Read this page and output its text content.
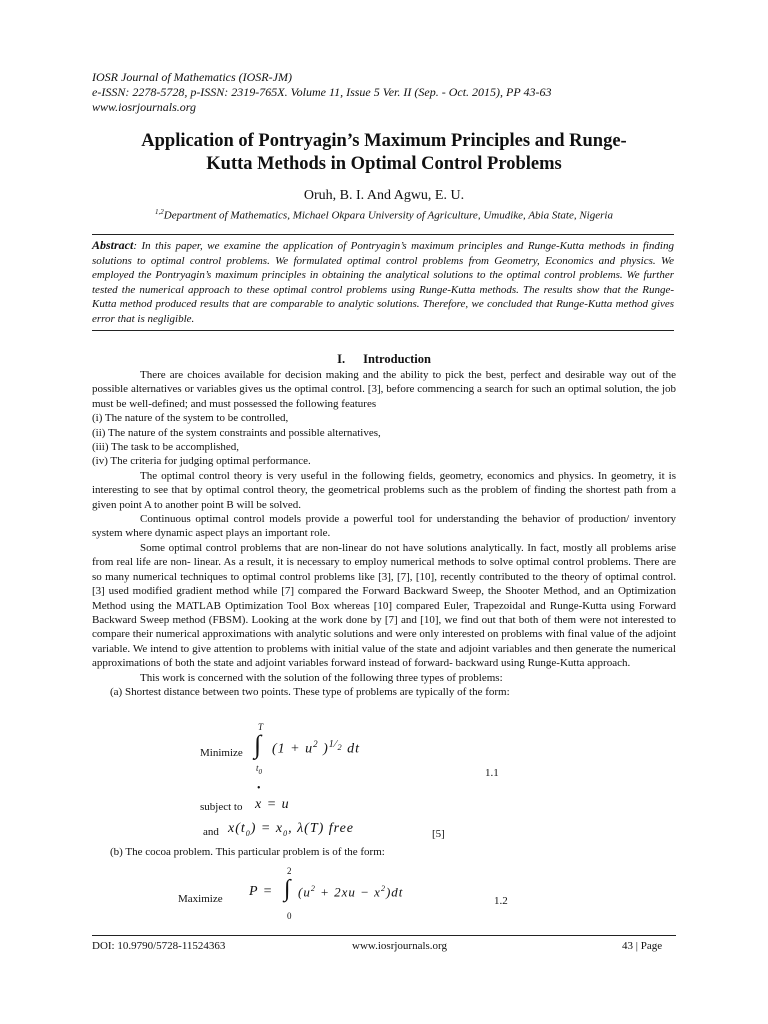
IOSR Journal of Mathematics (IOSR-JM)
e-ISSN: 2278-5728, p-ISSN: 2319-765X. Volume 11, Issue 5 Ver. II (Sep. - Oct. 2015), PP 43-63
www.iosrjournals.org
Application of Pontryagin’s Maximum Principles and Runge-
Kutta Methods in Optimal Control Problems
Oruh, B. I. And Agwu, E. U.
$^{1,2}$Department of Mathematics, Michael Okpara University of Agriculture, Umudike, Abia State, Nigeria
Abstract: In this paper, we examine the application of Pontryagin’s maximum principles and Runge-Kutta methods in finding solutions to optimal control problems. We formulated optimal control problems from Geometry, Economics and physics. We employed the Pontryagin’s maximum principles in obtaining the analytical solutions to the optimal control problems. We further tested the numerical approach to these optimal control problems using Runge-Kutta methods. The results show that the Runge-Kutta method produced results that are comparable to analytic solutions. Therefore, we concluded that Runge-Kutta method gives error that is negligible.
I. Introduction

There are choices available for decision making and the ability to pick the best, perfect and desirable way out of the possible alternatives or variables gives us the optimal control. [3], before commencing a search for such an optimal solution, the job must be well-defined; and must possessed the following features

(i) The nature of the system to be controlled,

(ii) The nature of the system constraints and possible alternatives,

(iii) The task to be accomplished,

(iv) The criteria for judging optimal performance.

The optimal control theory is very useful in the following fields, geometry, economics and physics. In geometry, it is interesting to see that by optimal control theory, the geometrical problems such as the problem of finding the shortest path from a given point A to another point B will be solved.

Continuous optimal control models provide a powerful tool for understanding the behavior of production/ inventory system where dynamic aspect plays an important role.

Some optimal control problems that are non-linear do not have solutions analytically. In fact, mostly all problems arise from real life are non- linear. As a result, it is necessary to employ numerical methods to solve optimal control problems. There are so many numerical techniques to optimal control problems like [3], [7], [10], recently contributed to the theory of optimal control. [3] used modified gradient method while [7] compared the Forward Backward Sweep, the Shooter Method, and an Optimization Method using the MATLAB Optimization Tool Box whereas [10] compared Euler, Trapezoidal and Runge-Kutta using Forward Backward Sweep method (FBSM). Looking at the work done by [7] and [10], we find out that both of them were not interested to compare their numerical approximations with analytic solutions and were only interested on problems with final value of the adjoint variable. We intend to give attention to problems with initial value of the state and adjoint variables and then generate the numerical approximations of both the state and adjoint variables forward instead of forward- backward using Runge-Kutta approach.

This work is concerned with the solution of the following three types of problems:

(a) Shortest distance between two points. These type of problems are typically of the form:

T
Minimize ∫ ($1 + u^2$ )$^{1⁄_2}$ dt
$t_0$	1.1
•
subject to x = u
and $x(t_0) = x_0$, λ(T) free	[5]

(b) The cocoa problem. This particular problem is of the form:

2
Maximize P = ∫ $(u^2 + 2xu - x^2)dt$
0
1.2
DOI: 10.9790/5728-11524363	www.iosrjournals.org	43 | Page
